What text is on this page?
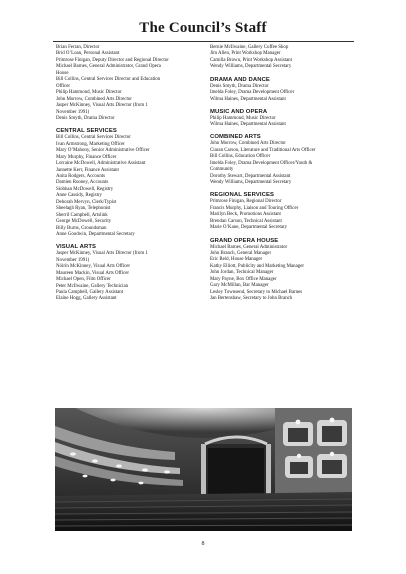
The Council’s Staff

Brian Ferran, Director

Brid O’Loan, Personal Assistant

Primrose Finigan, Deputy Director and Regional Director

Michael Barnes, General Administrator, Grand Opera

House

Bill Collins, Central Services Director and Education

Officer

Philip Hammond, Music Director

John Morrow, Combined Arts Director

Jasper McKinney, Visual Arts Director (from 1

November 1991)

Denis Smyth, Drama Director

CENTRAL SERVICES

Bill Collins, Central Services Director

Ivan Armstrong, Marketing Officer

Mary O’Mahony, Senior Administrative Officer

Mary Murphy, Finance Officer

Lorraine McDowell, Administrative Assistant

Jannette Kerr, Finance Assistant

Anita Rodgers, Accounts

Damien Rooney, Accounts

Siobhan McDowell, Registry

Anne Cassidy, Registry

Deborah Mervyn, Clerk/Typist

Sheelagh Ryan, Telephonist

Sherril Campbell, Artslink

George McDowell, Security

Billy Burns, Groundsman

Anne Goodwin, Departmental Secretary

VISUAL ARTS

Jasper McKinney, Visual Arts Director (from 1

November 1991)

Nóirín McKinney, Visual Arts Officer

Maureen Mackin, Visual Arts Officer

Michael Open, Film Officer

Peter McIlwaine, Gallery Technician

Paula Campbell, Gallery Assistant

Elaine Hogg, Gallery Assistant

Bernie McIlwaine, Gallery Coffee Shop

Jim Allen, Print Workshop Manager

Camilla Brown, Print Workshop Assistant

Wendy Williams, Departmental Secretary

DRAMA AND DANCE

Denis Smyth, Drama Director

Imelda Foley, Drama Development Officer

Wilma Haines, Departmental Assistant

MUSIC AND OPERA

Philip Hammond, Music Director

Wilma Haines, Departmental Assistant

COMBINED ARTS

John Morrow, Combined Arts Director

Ciaran Carson, Literature and Traditional Arts Officer

Bill Collins, Education Officer

Imelda Foley, Drama Development Officer/Youth &

Community

Dorothy Stewart, Departmental Assistant

Wendy Williams, Departmental Secretary

REGIONAL SERVICES

Primrose Finigan, Regional Director

Francis Murphy, Liaison and Touring Officer

Marilyn Beck, Promotions Assistant

Brendan Carson, Technical Assistant

Marie O’Kane, Departmental Secretary

GRAND OPERA HOUSE

Michael Barnes, General Administrator

John Branch, General Manager

Eric Reid, House Manager

Kathy Elliott, Publicity and Marketing Manager

John Jordan, Technical Manager

Mary Payne, Box Office Manager

Gary McMillan, Bar Manager

Lesley Townsend, Secretary to Michael Barnes

Jan Bertenshaw, Secretary to John Branch

8
